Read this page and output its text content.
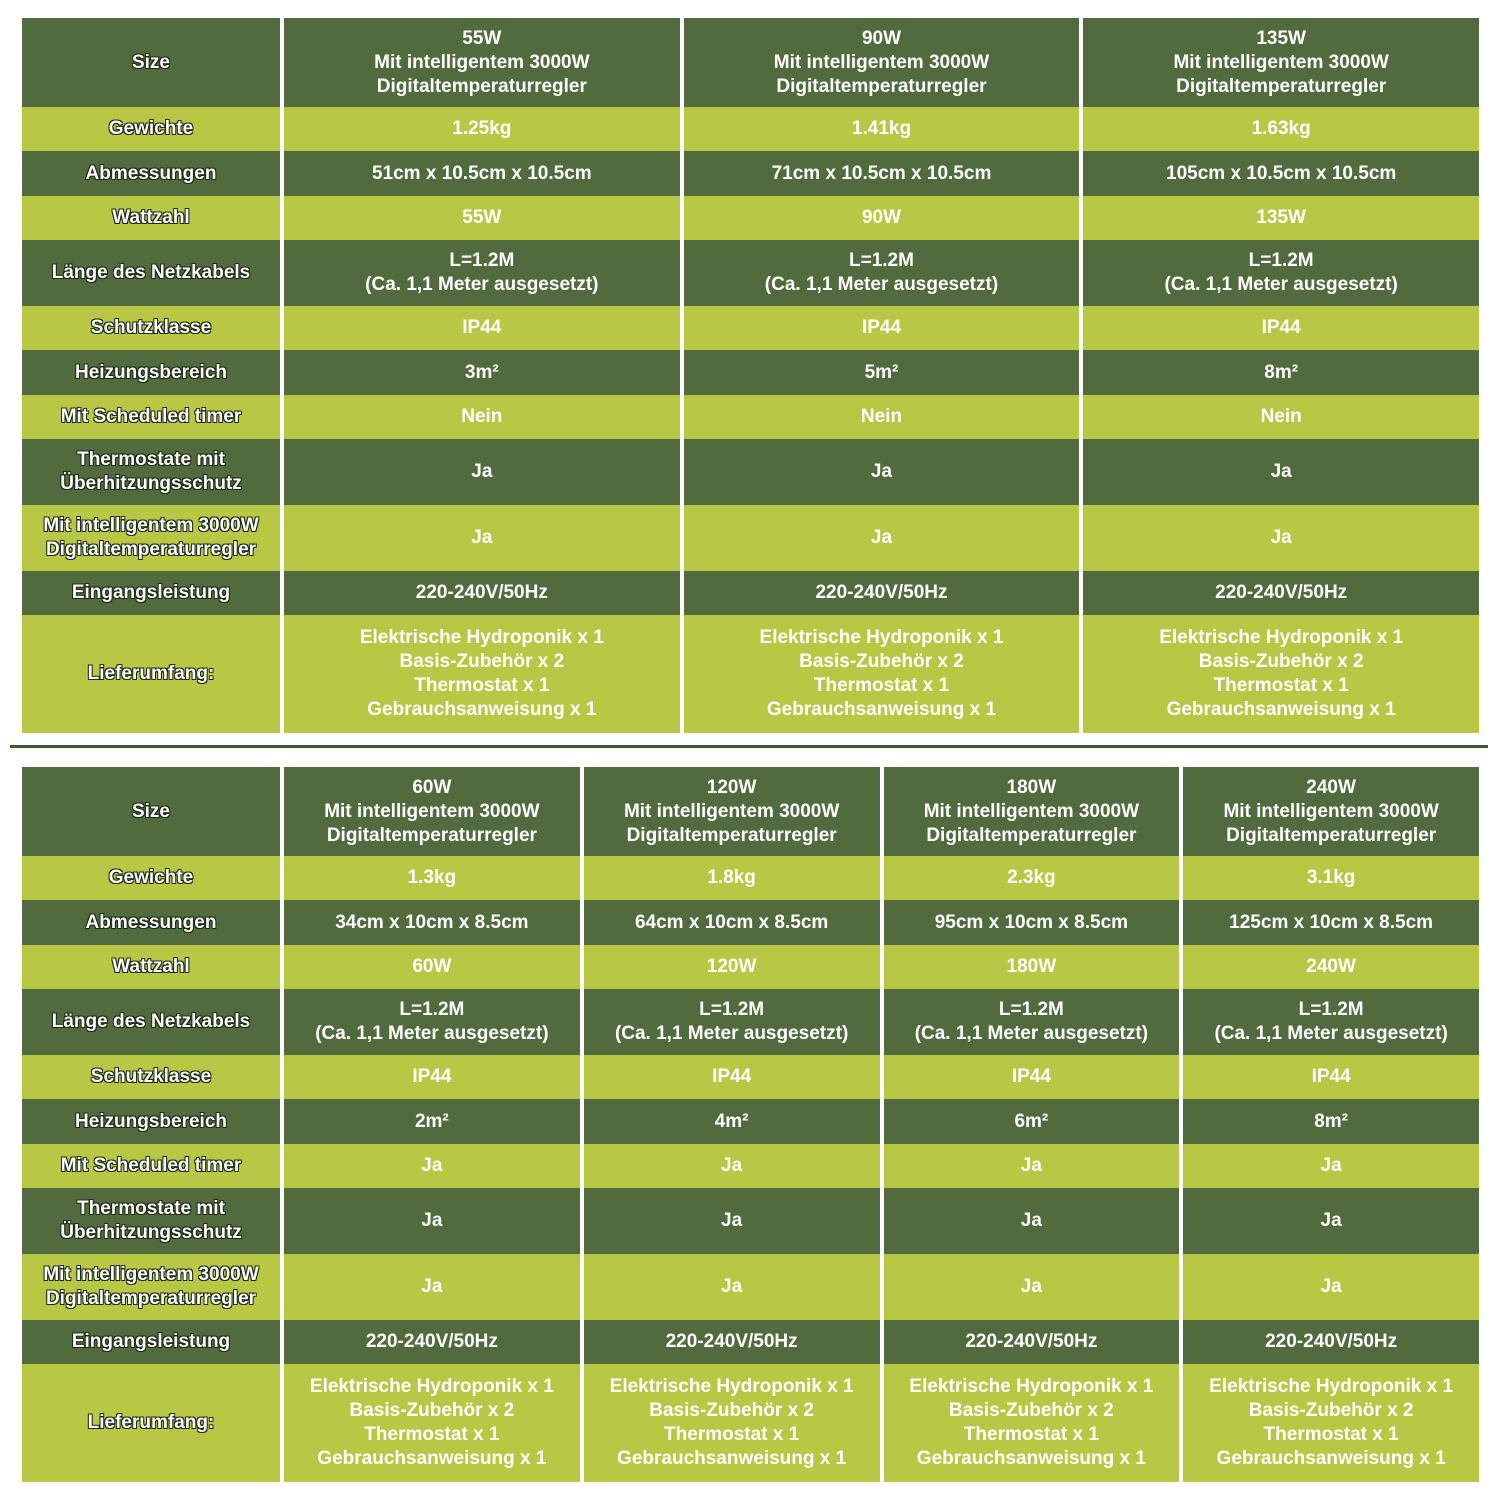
Size	55W
Mit intelligentem 3000W
Digitaltemperaturregler	90W
Mit intelligentem 3000W
Digitaltemperaturregler	135W
Mit intelligentem 3000W
Digitaltemperaturregler
Gewichte	1.25kg	1.41kg	1.63kg
Abmessungen	51cm x 10.5cm x 10.5cm	71cm x 10.5cm x 10.5cm	105cm x 10.5cm x 10.5cm
Wattzahl	55W	90W	135W
Länge des Netzkabels	L=1.2M
(Ca. 1,1 Meter ausgesetzt)	L=1.2M
(Ca. 1,1 Meter ausgesetzt)	L=1.2M
(Ca. 1,1 Meter ausgesetzt)
Schutzklasse	IP44	IP44	IP44
Heizungsbereich	3m²	5m²	8m²
Mit Scheduled timer	Nein	Nein	Nein
Thermostate mit
Überhitzungsschutz	Ja	Ja	Ja
Mit intelligentem 3000W
Digitaltemperaturregler	Ja	Ja	Ja
Eingangsleistung	220-240V/50Hz	220-240V/50Hz	220-240V/50Hz
Lieferumfang:	Elektrische Hydroponik x 1
Basis-Zubehör x 2
Thermostat x 1
Gebrauchsanweisung x 1	Elektrische Hydroponik x 1
Basis-Zubehör x 2
Thermostat x 1
Gebrauchsanweisung x 1	Elektrische Hydroponik x 1
Basis-Zubehör x 2
Thermostat x 1
Gebrauchsanweisung x 1
Size	60W
Mit intelligentem 3000W
Digitaltemperaturregler	120W
Mit intelligentem 3000W
Digitaltemperaturregler	180W
Mit intelligentem 3000W
Digitaltemperaturregler	240W
Mit intelligentem 3000W
Digitaltemperaturregler
Gewichte	1.3kg	1.8kg	2.3kg	3.1kg
Abmessungen	34cm x 10cm x 8.5cm	64cm x 10cm x 8.5cm	95cm x 10cm x 8.5cm	125cm x 10cm x 8.5cm
Wattzahl	60W	120W	180W	240W
Länge des Netzkabels	L=1.2M
(Ca. 1,1 Meter ausgesetzt)	L=1.2M
(Ca. 1,1 Meter ausgesetzt)	L=1.2M
(Ca. 1,1 Meter ausgesetzt)	L=1.2M
(Ca. 1,1 Meter ausgesetzt)
Schutzklasse	IP44	IP44	IP44	IP44
Heizungsbereich	2m²	4m²	6m²	8m²
Mit Scheduled timer	Ja	Ja	Ja	Ja
Thermostate mit
Überhitzungsschutz	Ja	Ja	Ja	Ja
Mit intelligentem 3000W
Digitaltemperaturregler	Ja	Ja	Ja	Ja
Eingangsleistung	220-240V/50Hz	220-240V/50Hz	220-240V/50Hz	220-240V/50Hz
Lieferumfang:	Elektrische Hydroponik x 1
Basis-Zubehör x 2
Thermostat x 1
Gebrauchsanweisung x 1	Elektrische Hydroponik x 1
Basis-Zubehör x 2
Thermostat x 1
Gebrauchsanweisung x 1	Elektrische Hydroponik x 1
Basis-Zubehör x 2
Thermostat x 1
Gebrauchsanweisung x 1	Elektrische Hydroponik x 1
Basis-Zubehör x 2
Thermostat x 1
Gebrauchsanweisung x 1
